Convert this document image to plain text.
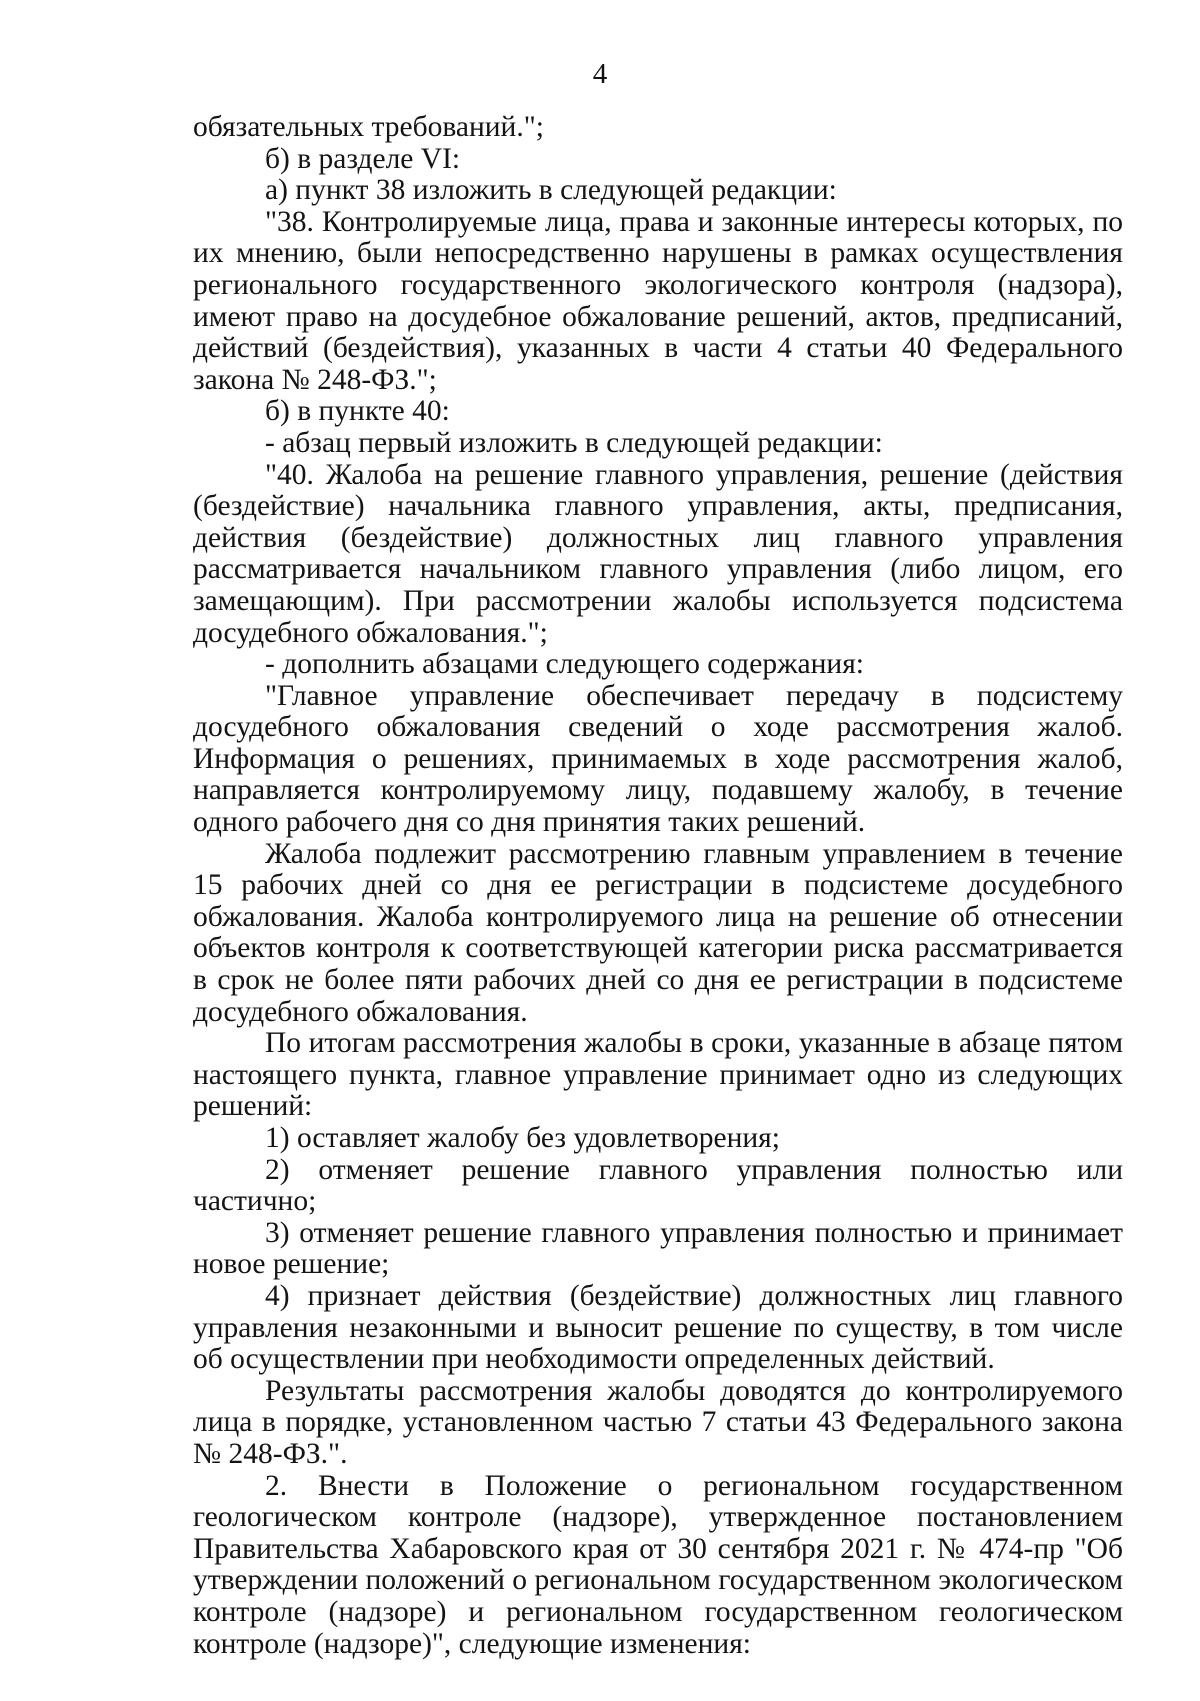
4

обязательных требований.";

б) в разделе VI:

а) пункт 38 изложить в следующей редакции:

"38. Контролируемые лица, права и законные интересы которых, по их мнению, были непосредственно нарушены в рамках осуществления регионального государственного экологического контроля (надзора), имеют право на досудебное обжалование решений, актов, предписаний, действий (бездействия), указанных в части 4 статьи 40 Федерального закона № 248-ФЗ.";

б) в пункте 40:

- абзац первый изложить в следующей редакции:

"40. Жалоба на решение главного управления, решение (действия (бездействие) начальника главного управления, акты, предписания, действия (бездействие) должностных лиц главного управления рассматривается начальником главного управления (либо лицом, его замещающим). При рассмотрении жалобы используется подсистема досудебного обжалования.";

- дополнить абзацами следующего содержания:

"Главное управление обеспечивает передачу в подсистему досудебного обжалования сведений о ходе рассмотрения жалоб. Информация о решениях, принимаемых в ходе рассмотрения жалоб, направляется контролируемому лицу, подавшему жалобу, в течение одного рабочего дня со дня принятия таких решений.

Жалоба подлежит рассмотрению главным управлением в течение 15 рабочих дней со дня ее регистрации в подсистеме досудебного обжалования. Жалоба контролируемого лица на решение об отнесении объектов контроля к соответствующей категории риска рассматривается в срок не более пяти рабочих дней со дня ее регистрации в подсистеме досудебного обжалования.

По итогам рассмотрения жалобы в сроки, указанные в абзаце пятом настоящего пункта, главное управление принимает одно из следующих решений:

1) оставляет жалобу без удовлетворения;

2) отменяет решение главного управления полностью или частично;

3) отменяет решение главного управления полностью и принимает новое решение;

4) признает действия (бездействие) должностных лиц главного управления незаконными и выносит решение по существу, в том числе об осуществлении при необходимости определенных действий.

Результаты рассмотрения жалобы доводятся до контролируемого лица в порядке, установленном частью 7 статьи 43 Федерального закона № 248-ФЗ.".

2. Внести в Положение о региональном государственном геологическом контроле (надзоре), утвержденное постановлением Правительства Хабаровского края от 30 сентября 2021 г. № 474-пр "Об утверждении положений о региональном государственном экологическом контроле (надзоре) и региональном государственном геологическом контроле (надзоре)", следующие изменения:
